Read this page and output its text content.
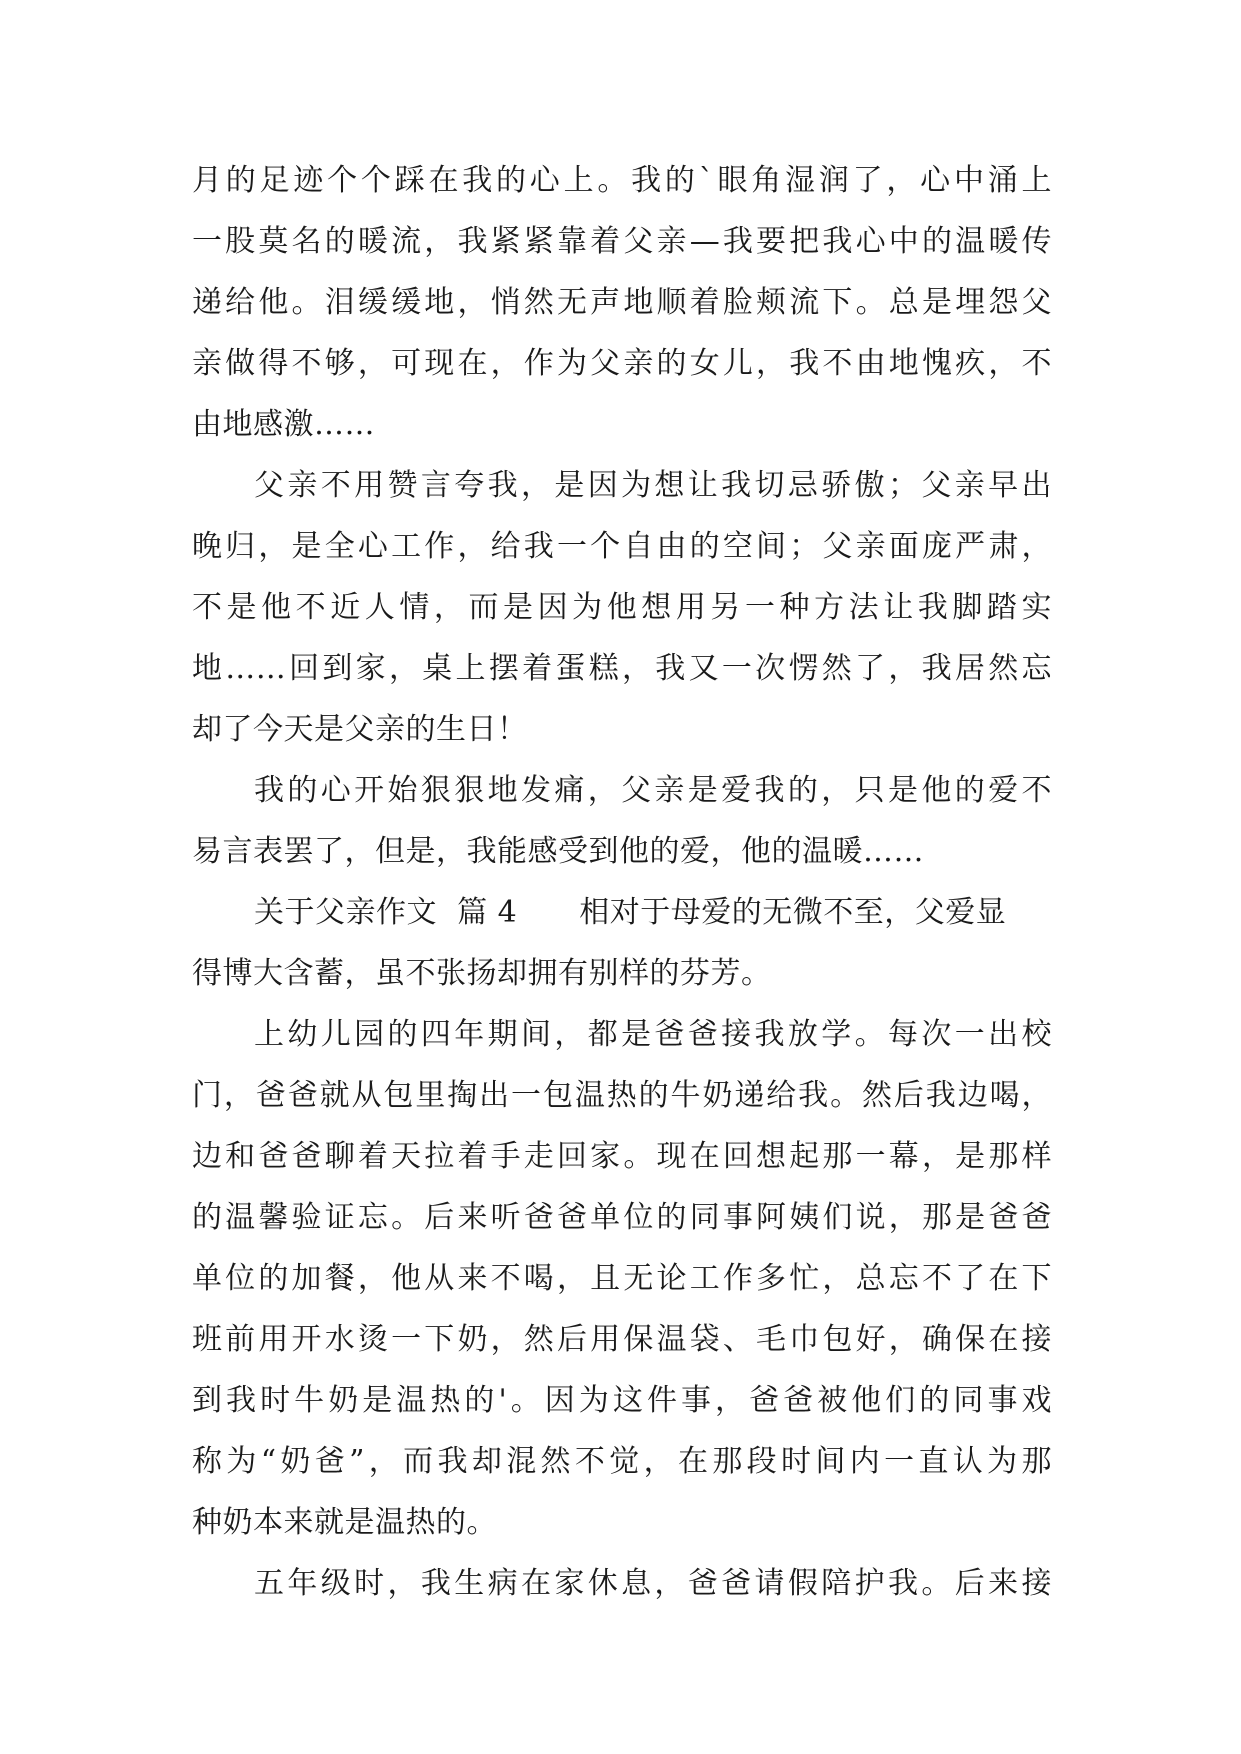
月的足迹个个踩在我的心上。我的`眼角湿润了，心中涌上
一股莫名的暖流，我紧紧靠着父亲—我要把我心中的温暖传
递给他。泪缓缓地，悄然无声地顺着脸颊流下。总是埋怨父
亲做得不够，可现在，作为父亲的女儿，我不由地愧疚，不
由地感激……
父亲不用赞言夸我，是因为想让我切忌骄傲；父亲早出
晚归，是全心工作，给我一个自由的空间；父亲面庞严肃，
不是他不近人情，而是因为他想用另一种方法让我脚踏实
地……回到家，桌上摆着蛋糕，我又一次愣然了，我居然忘
却了今天是父亲的生日！
我的心开始狠狠地发痛，父亲是爱我的，只是他的爱不
易言表罢了，但是，我能感受到他的爱，他的温暖……
关于父亲作文 篇 4 相对于母爱的无微不至，父爱显
得博大含蓄，虽不张扬却拥有别样的芬芳。
上幼儿园的四年期间，都是爸爸接我放学。每次一出校
门，爸爸就从包里掏出一包温热的牛奶递给我。然后我边喝，
边和爸爸聊着天拉着手走回家。现在回想起那一幕，是那样
的温馨验证忘。后来听爸爸单位的同事阿姨们说，那是爸爸
单位的加餐，他从来不喝，且无论工作多忙，总忘不了在下
班前用开水烫一下奶，然后用保温袋、毛巾包好，确保在接
到我时牛奶是温热的'。因为这件事，爸爸被他们的同事戏
称为“奶爸”，而我却混然不觉，在那段时间内一直认为那
种奶本来就是温热的。
五年级时，我生病在家休息，爸爸请假陪护我。后来接
